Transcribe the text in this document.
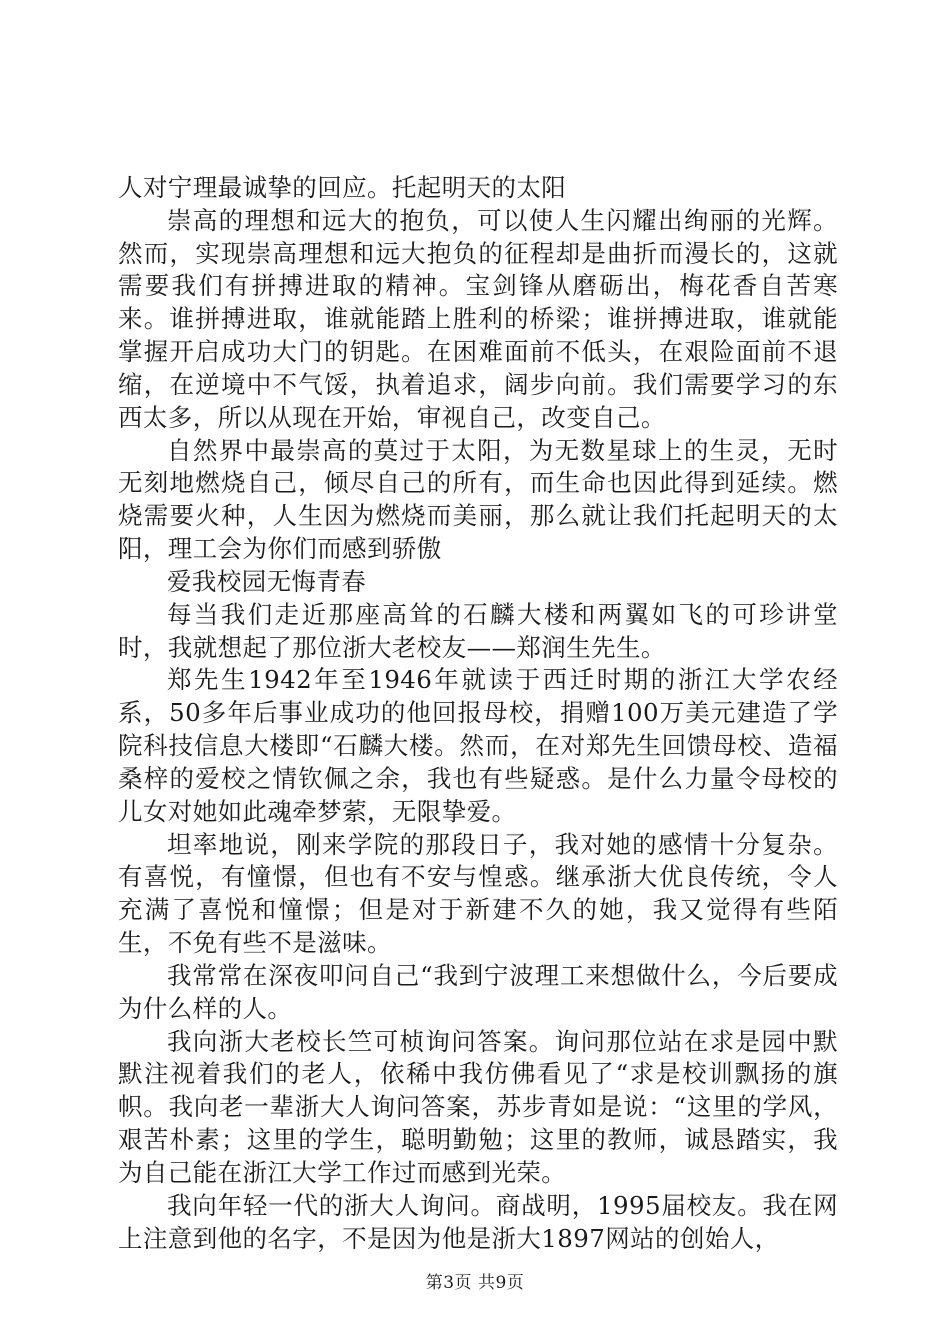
人对宁理最诚挚的回应。托起明天的太阳

崇高的理想和远大的抱负，可以使人生闪耀出绚丽的光辉。然而，实现崇高理想和远大抱负的征程却是曲折而漫长的，这就需要我们有拼搏进取的精神。宝剑锋从磨砺出，梅花香自苦寒来。谁拼搏进取，谁就能踏上胜利的桥梁；谁拼搏进取，谁就能掌握开启成功大门的钥匙。在困难面前不低头，在艰险面前不退缩，在逆境中不气馁，执着追求，阔步向前。我们需要学习的东西太多，所以从现在开始，审视自己，改变自己。

自然界中最崇高的莫过于太阳，为无数星球上的生灵，无时无刻地燃烧自己，倾尽自己的所有，而生命也因此得到延续。燃烧需要火种，人生因为燃烧而美丽，那么就让我们托起明天的太阳，理工会为你们而感到骄傲

爱我校园无悔青春

每当我们走近那座高耸的石麟大楼和两翼如飞的可珍讲堂时，我就想起了那位浙大老校友——郑润生先生。

郑先生1942年至1946年就读于西迁时期的浙江大学农经系，50多年后事业成功的他回报母校，捐赠100万美元建造了学院科技信息大楼即“石麟大楼。然而，在对郑先生回馈母校、造福桑梓的爱校之情钦佩之余，我也有些疑惑。是什么力量令母校的儿女对她如此魂牵梦萦，无限挚爱。

坦率地说，刚来学院的那段日子，我对她的感情十分复杂。有喜悦，有憧憬，但也有不安与惶惑。继承浙大优良传统，令人充满了喜悦和憧憬；但是对于新建不久的她，我又觉得有些陌生，不免有些不是滋味。

我常常在深夜叩问自己“我到宁波理工来想做什么，今后要成为什么样的人。

我向浙大老校长竺可桢询问答案。询问那位站在求是园中默默注视着我们的老人，依稀中我仿佛看见了“求是校训飘扬的旗帜。我向老一辈浙大人询问答案，苏步青如是说：“这里的学风，艰苦朴素；这里的学生，聪明勤勉；这里的教师，诚恳踏实，我为自己能在浙江大学工作过而感到光荣。

我向年轻一代的浙大人询问。商战明，1995届校友。我在网上注意到他的名字，不是因为他是浙大1897网站的创始人，

第3页 共9页
